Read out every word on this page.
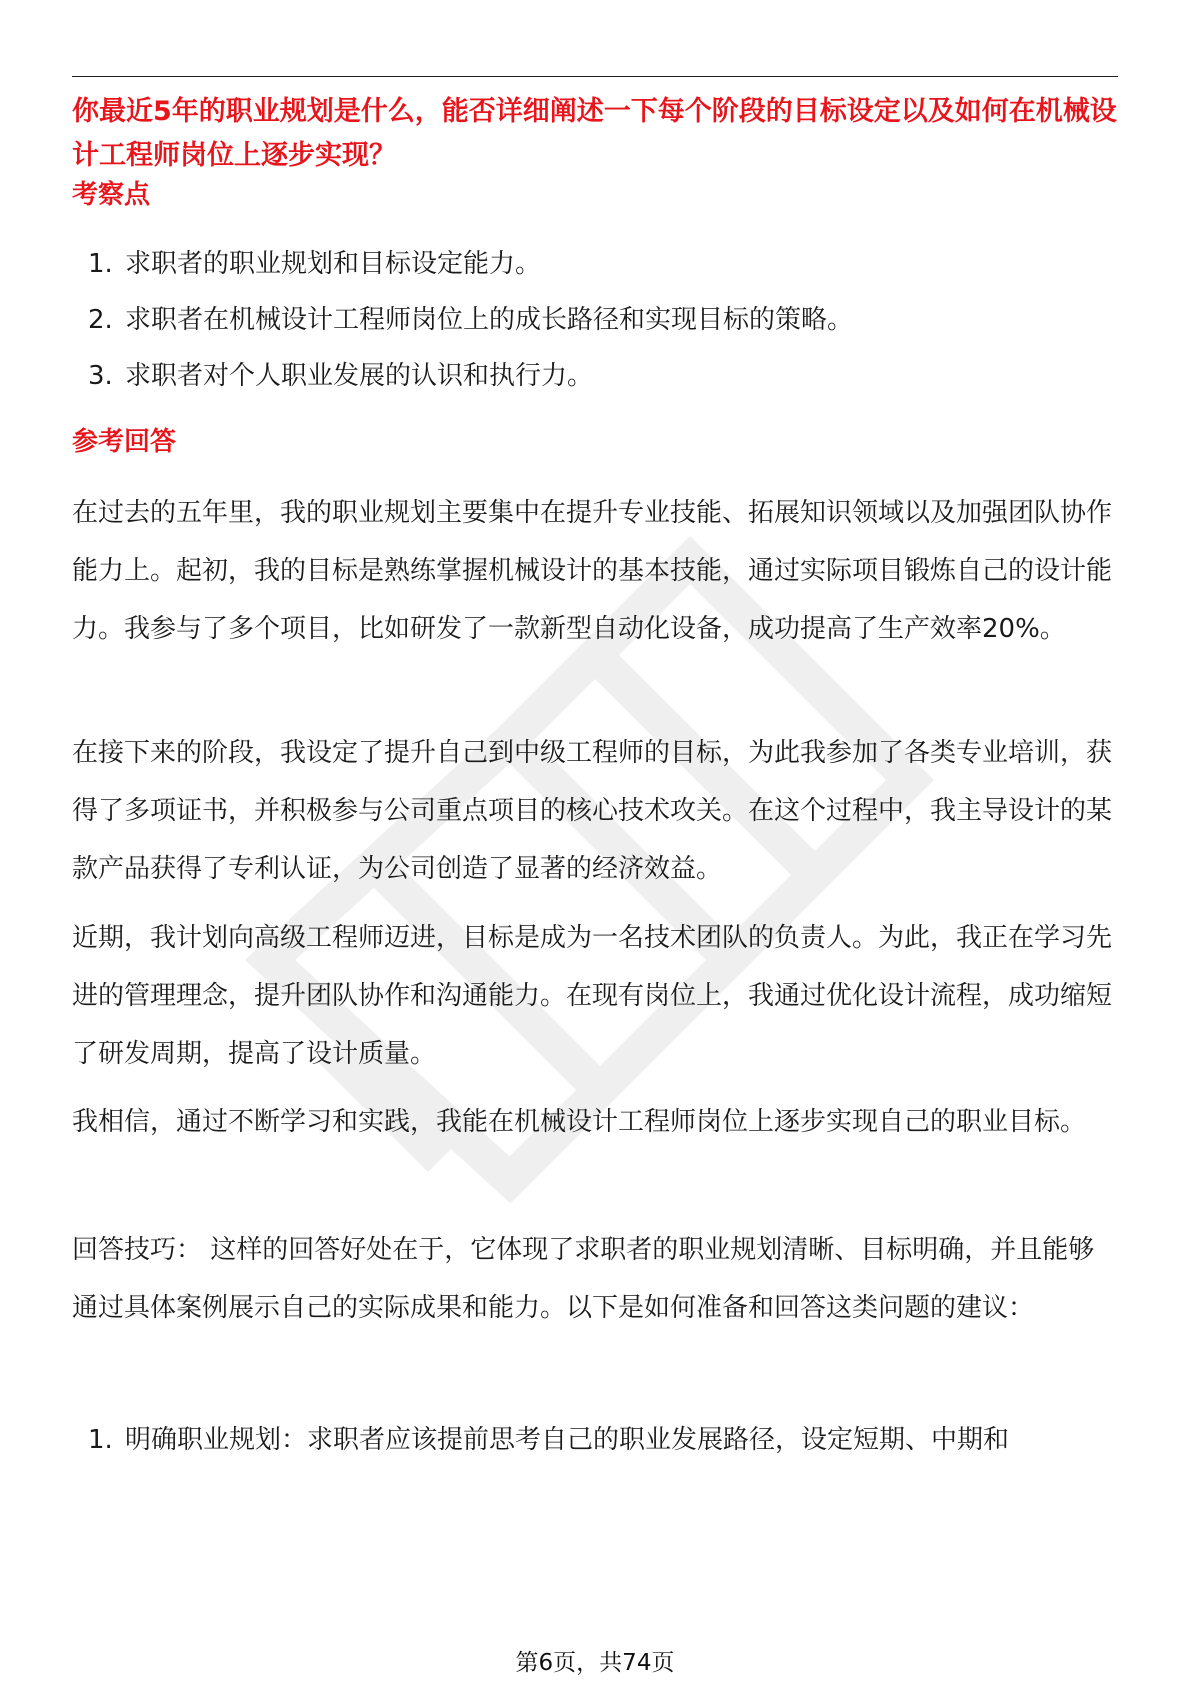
你最近5年的职业规划是什么，能否详细阐述一下每个阶段的目标设定以及如何在机械设计工程师岗位上逐步实现？

考察点
1. 求职者的职业规划和目标设定能力。
2. 求职者在机械设计工程师岗位上的成长路径和实现目标的策略。
3. 求职者对个人职业发展的认识和执行力。
参考回答

在过去的五年里，我的职业规划主要集中在提升专业技能、拓展知识领域以及加强团队协作能力上。起初，我的目标是熟练掌握机械设计的基本技能，通过实际项目锻炼自己的设计能力。我参与了多个项目，比如研发了一款新型自动化设备，成功提高了生产效率20%。

在接下来的阶段，我设定了提升自己到中级工程师的目标，为此我参加了各类专业培训，获得了多项证书，并积极参与公司重点项目的核心技术攻关。在这个过程中，我主导设计的某款产品获得了专利认证，为公司创造了显著的经济效益。

近期，我计划向高级工程师迈进，目标是成为一名技术团队的负责人。为此，我正在学习先进的管理理念，提升团队协作和沟通能力。在现有岗位上，我通过优化设计流程，成功缩短了研发周期，提高了设计质量。

我相信，通过不断学习和实践，我能在机械设计工程师岗位上逐步实现自己的职业目标。

回答技巧： 这样的回答好处在于，它体现了求职者的职业规划清晰、目标明确，并且能够通过具体案例展示自己的实际成果和能力。以下是如何准备和回答这类问题的建议：

1. 明确职业规划：求职者应该提前思考自己的职业发展路径，设定短期、中期和
第6页，共74页
